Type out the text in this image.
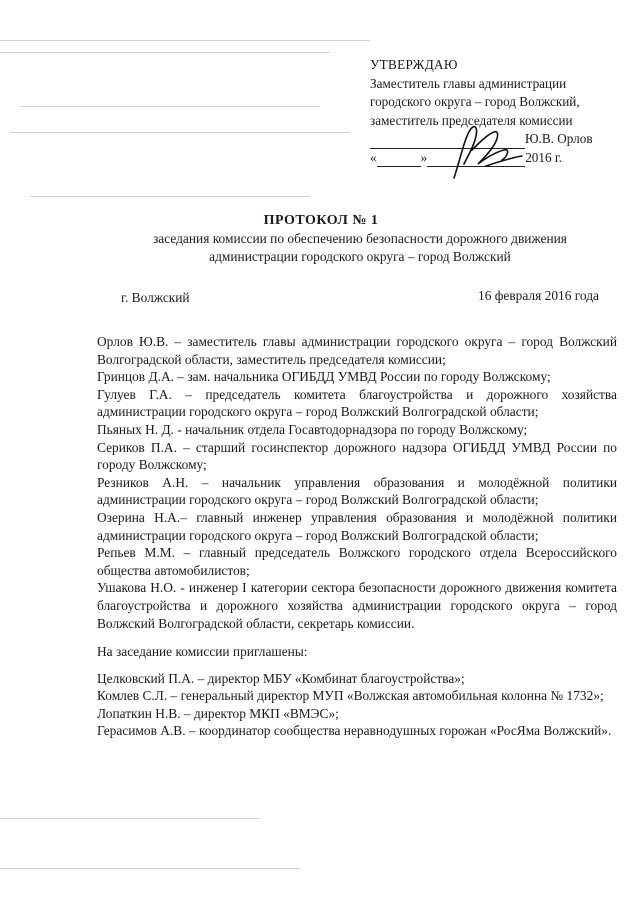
УТВЕРЖДАЮ
Заместитель главы администрации
городского округа – город Волжский,
заместитель председателя комиссии
Ю.В. Орлов
«	»	2016 г.
ПРОТОКОЛ № 1
заседания комиссии по обеспечению безопасности дорожного движения
администрации городского округа – город Волжский
г. Волжский	16 февраля 2016 года

Орлов Ю.В. – заместитель главы администрации городского округа – город Волжский Волгоградской области, заместитель председателя комиссии;

Гринцов Д.А. – зам. начальника ОГИБДД УМВД России по городу Волжскому;

Гулуев Г.А. – председатель комитета благоустройства и дорожного хозяйства администрации городского округа – город Волжский Волгоградской области;

Пьяных Н. Д. - начальник отдела Госавтодорнадзора по городу Волжскому;

Сериков П.А. – старший госинспектор дорожного надзора ОГИБДД УМВД России по городу Волжскому;

Резников А.Н. – начальник управления образования и молодёжной политики администрации городского округа – город Волжский Волгоградской области;

Озерина Н.А.– главный инженер управления образования и молодёжной политики администрации городского округа – город Волжский Волгоградской области;

Репьев М.М. – главный председатель Волжского городского отдела Всероссийского общества автомобилистов;

Ушакова Н.О. - инженер I категории сектора безопасности дорожного движения комитета благоустройства и дорожного хозяйства администрации городского округа – город Волжский Волгоградской области, секретарь комиссии.

На заседание комиссии приглашены:

Целковский П.А. – директор МБУ «Комбинат благоустройства»;

Комлев С.Л. – генеральный директор МУП «Волжская автомобильная колонна № 1732»;

Лопаткин Н.В. – директор МКП «ВМЭС»;

Герасимов А.В. – координатор сообщества неравнодушных горожан «РосЯма Волжский».
